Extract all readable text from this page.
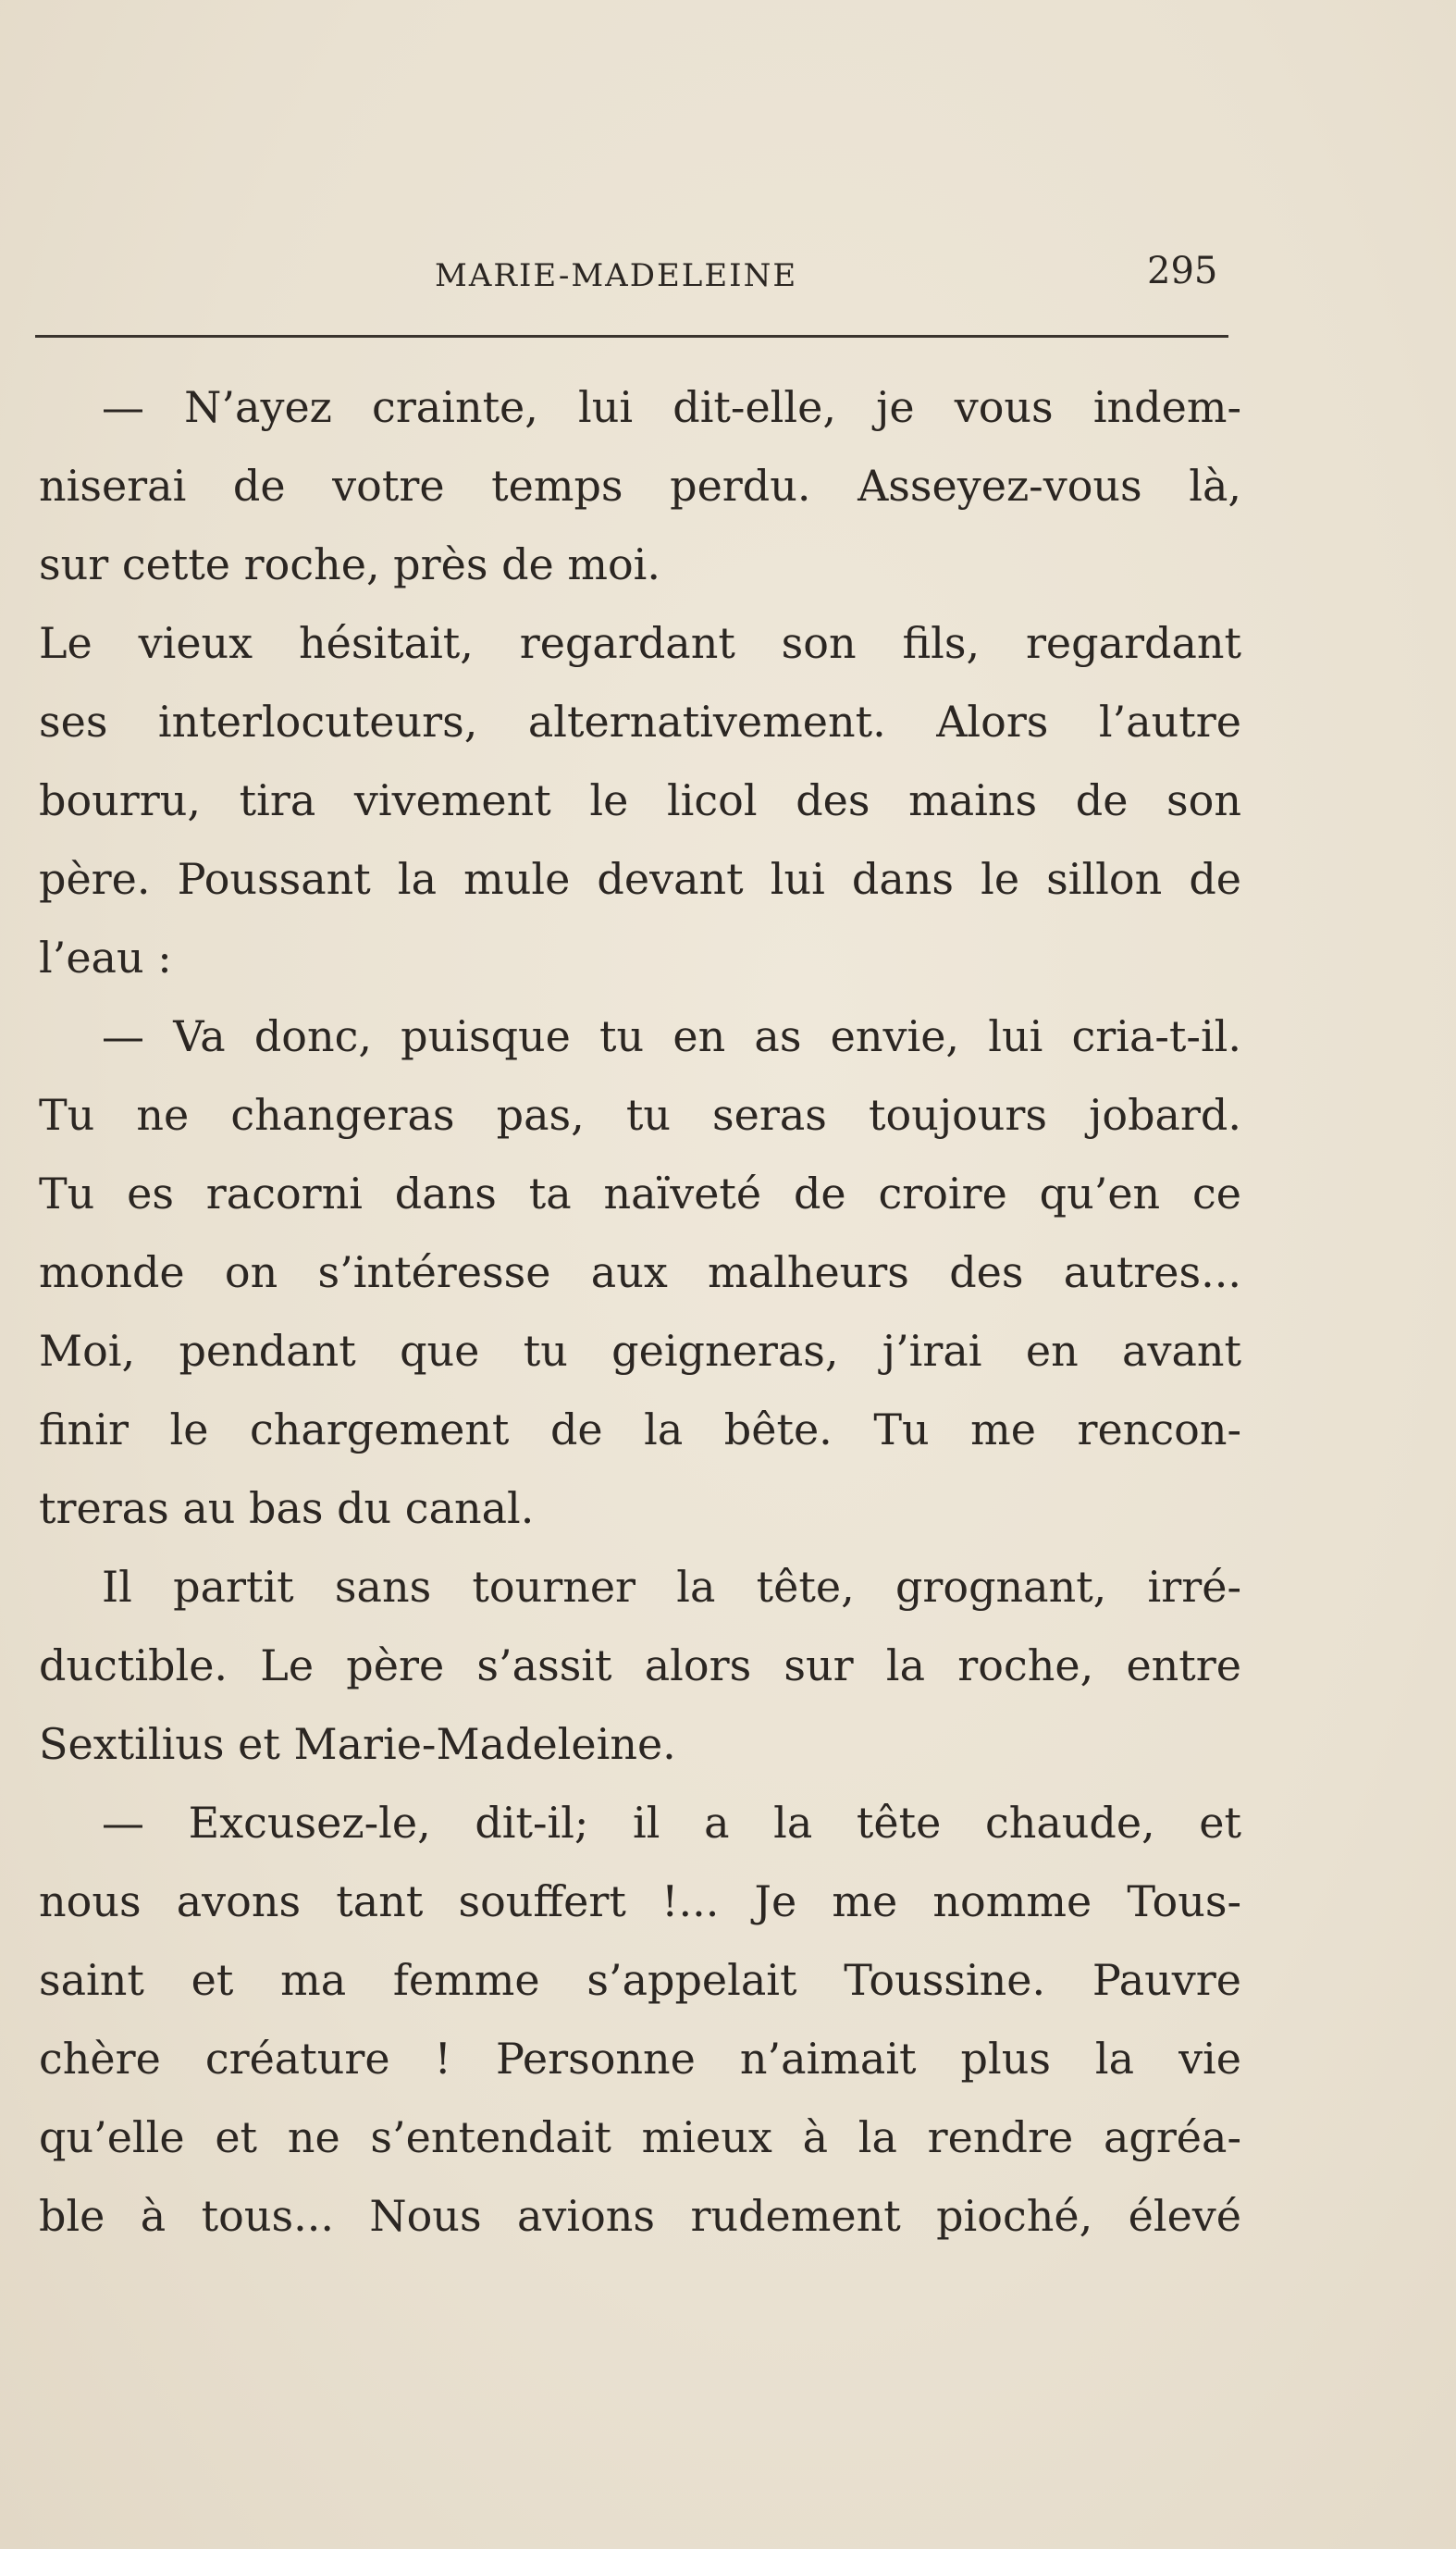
MARIE-MADELEINE	295
— N’ayez crainte, lui dit-elle, je vous indem-
niserai de votre temps perdu. Asseyez-vous là,
sur cette roche, près de moi.
Le vieux hésitait, regardant son fils, regardant
ses interlocuteurs, alternativement. Alors l’autre
bourru, tira vivement le licol des mains de son
père. Poussant la mule devant lui dans le sillon de
l’eau :
— Va donc, puisque tu en as envie, lui cria-t-il.
Tu ne changeras pas, tu seras toujours jobard.
Tu es racorni dans ta naïveté de croire qu’en ce
monde on s’intéresse aux malheurs des autres...
Moi, pendant que tu geigneras, j’irai en avant
finir le chargement de la bête. Tu me rencon-
treras au bas du canal.
Il partit sans tourner la tête, grognant, irré-
ductible. Le père s’assit alors sur la roche, entre
Sextilius et Marie-Madeleine.
— Excusez-le, dit-il; il a la tête chaude, et
nous avons tant souffert !... Je me nomme Tous-
saint et ma femme s’appelait Toussine. Pauvre
chère créature ! Personne n’aimait plus la vie
qu’elle et ne s’entendait mieux à la rendre agréa-
ble à tous... Nous avions rudement pioché, élevé
